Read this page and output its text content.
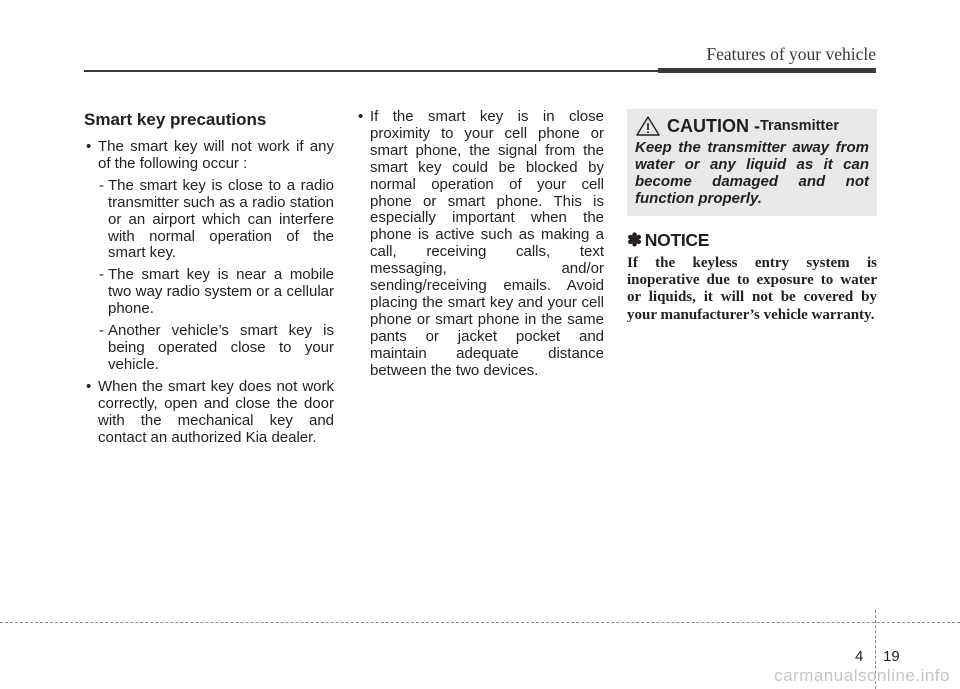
Features of your vehicle
Smart key precautions
• The smart key will not work if any of the following occur :
- The smart key is close to a radio transmitter such as a radio station or an airport which can interfere with normal operation of the smart key.
- The smart key is near a mobile two way radio system or a cellular phone.
- Another vehicle’s smart key is being operated close to your vehicle.
• When the smart key does not work correctly, open and close the door with the mechanical key and contact an authorized Kia dealer.
• If the smart key is in close proximity to your cell phone or smart phone, the signal from the smart key could be blocked by normal operation of your cell phone or smart phone. This is especially important when the phone is active such as making a call, receiving calls, text messaging, and/or sending/receiving emails. Avoid placing the smart key and your cell phone or smart phone in the same pants or jacket pocket and maintain adequate distance between the two devices.
CAUTION - Transmitter
Keep the transmitter away from water or any liquid as it can become damaged and not function properly.
✽ NOTICE
If the keyless entry system is inoperative due to exposure to water or liquids, it will not be covered by your manufacturer’s vehicle warranty.
4 19
carmanualsonline.info
